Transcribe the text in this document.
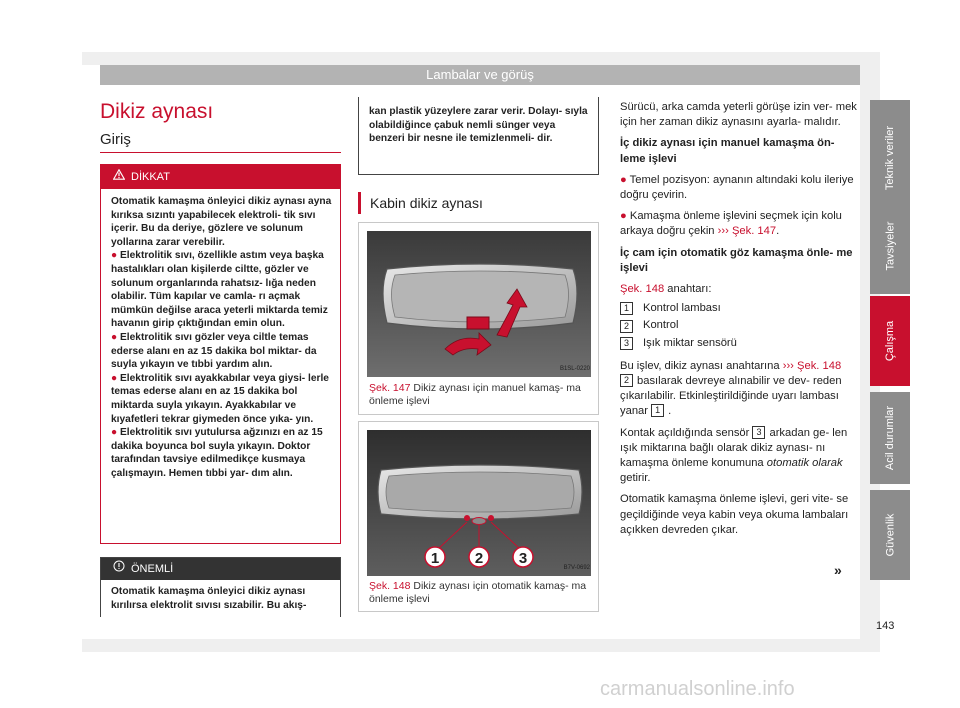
Lambalar ve görüş
Dikiz aynası
Giriş
DİKKAT

Otomatik kamaşma önleyici dikiz aynası ayna kırıksa sızıntı yapabilecek elektroli- tik sıvı içerir. Bu da deriye, gözlere ve solunum yollarına zarar verebilir.

● Elektrolitik sıvı, özellikle astım veya başka hastalıkları olan kişilerde ciltte, gözler ve solunum organlarında rahatsız- lığa neden olabilir. Tüm kapılar ve camla- rı açmak mümkün değilse araca yeterli miktarda temiz havanın girip çıktığından emin olun.

● Elektrolitik sıvı gözler veya ciltle temas ederse alanı en az 15 dakika bol miktar- da suyla yıkayın ve tıbbi yardım alın.

● Elektrolitik sıvı ayakkabılar veya giysi- lerle temas ederse alanı en az 15 dakika bol miktarda suyla yıkayın. Ayakkabılar ve kıyafetleri tekrar giymeden önce yıka- yın.

● Elektrolitik sıvı yutulursa ağzınızı en az 15 dakika boyunca bol suyla yıkayın. Doktor tarafından tavsiye edilmedikçe kusmaya çalışmayın. Hemen tıbbi yar- dım alın.

ÖNEMLİ
Otomatik kamaşma önleyici dikiz aynası kırılırsa elektrolit sıvısı sızabilir. Bu akış-
kan plastik yüzeylere zarar verir. Dolayı- sıyla olabildiğince çabuk nemli sünger veya benzeri bir nesne ile temizlenmeli- dir.
Kabin dikiz aynası
B1SL-0220
Şek. 147 Dikiz aynası için manuel kamaş- ma önleme işlevi
1 2 3
B7V-0692
Şek. 148 Dikiz aynası için otomatik kamaş- ma önleme işlevi

Sürücü, arka camda yeterli görüşe izin ver- mek için her zaman dikiz aynasını ayarla- malıdır.

İç dikiz aynası için manuel kamaşma ön- leme işlevi

● Temel pozisyon: aynanın altındaki kolu ileriye doğru çevirin.

● Kamaşma önleme işlevini seçmek için kolu arkaya doğru çekin ››› Şek. 147.

İç cam için otomatik göz kamaşma önle- me işlevi

Şek. 148 anahtarı:

1	Kontrol lambası
2	Kontrol
3	Işık miktar sensörü

Bu işlev, dikiz aynası anahtarına ››› Şek. 148 2 basılarak devreye alınabilir ve dev- reden çıkarılabilir. Etkinleştirildiğinde uyarı lambası yanar 1 .

Kontak açıldığında sensör 3 arkadan ge- len ışık miktarına bağlı olarak dikiz aynası- nı kamaşma önleme konumuna otomatik olarak getirir.

Otomatik kamaşma önleme işlevi, geri vite- se geçildiğinde veya kabin veya okuma lambaları açıkken devreden çıkar.

»
Teknik veriler
Tavsiyeler
Çalışma
Acil durumlar
Güvenlik
143
carmanualsonline.info
